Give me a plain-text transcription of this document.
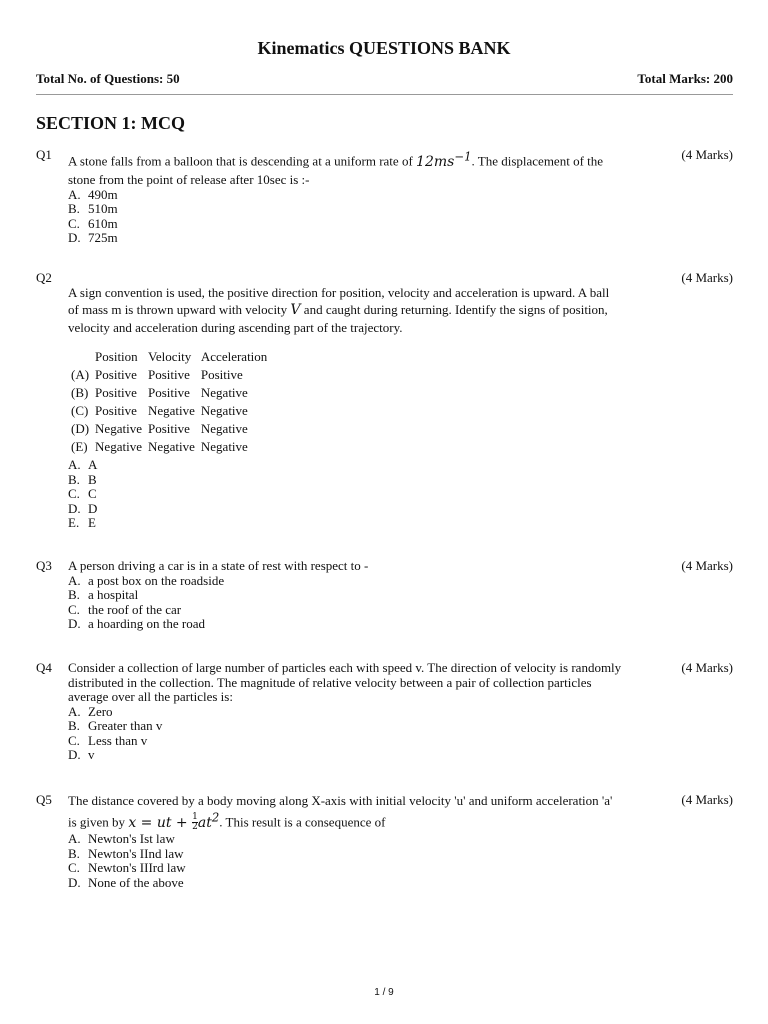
Kinematics QUESTIONS BANK
Total No. of Questions: 50	Total Marks: 200
SECTION 1: MCQ
Q1	(4 Marks)

A stone falls from a balloon that is descending at a uniform rate of $12ms^{-1}$. The displacement of the stone from the point of release after 10sec is :-

A. 490m
B. 510m
C. 610m
D. 725m
Q2	(4 Marks)

A sign convention is used, the positive direction for position, velocity and acceleration is upward. A ball of mass m is thrown upward with velocity V and caught during returning. Identify the signs of position, velocity and acceleration during ascending part of the trajectory.

	Position	Velocity	Acceleration
(A)	Positive	Positive	Positive
(B)	Positive	Positive	Negative
(C)	Positive	Negative	Negative
(D)	Negative	Positive	Negative
(E)	Negative	Negative	Negative
A. A
B. B
C. C
D. D
E. E
Q3	(4 Marks)

A person driving a car is in a state of rest with respect to -

A. a post box on the roadside
B. a hospital
C. the roof of the car
D. a hoarding on the road
Q4	(4 Marks)

Consider a collection of large number of particles each with speed v. The direction of velocity is randomly distributed in the collection. The magnitude of relative velocity between a pair of collection particles average over all the particles is:

A. Zero
B. Greater than v
C. Less than v
D. v
Q5	(4 Marks)

The distance covered by a body moving along X-axis with initial velocity 'u' and uniform acceleration 'a' is given by x = ut + $\frac{1}{2} at^2$. This result is a consequence of

A. Newton's Ist law
B. Newton's IInd law
C. Newton's IIIrd law
D. None of the above
1 / 9
